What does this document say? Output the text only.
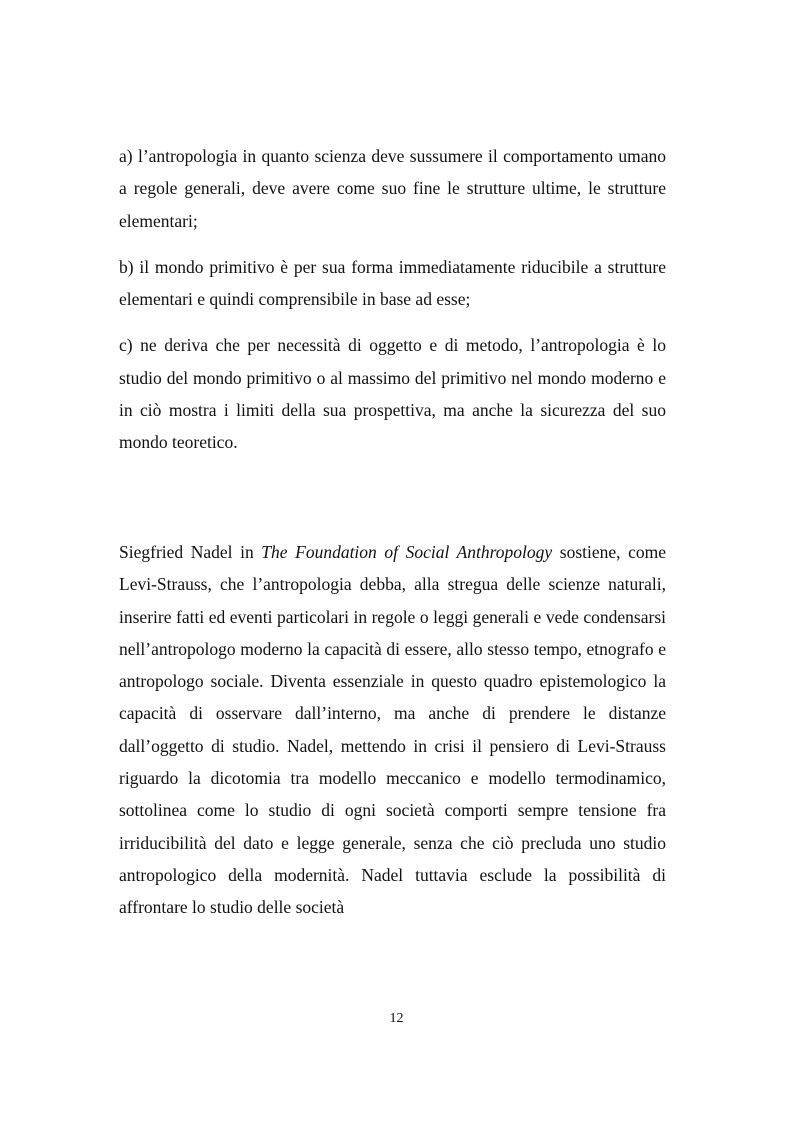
a) l’antropologia in quanto scienza deve sussumere il comportamento umano a regole generali, deve avere come suo fine le strutture ultime, le strutture elementari;

b) il mondo primitivo è per sua forma immediatamente riducibile a strutture elementari e quindi comprensibile in base ad esse;

c) ne deriva che per necessità di oggetto e di metodo, l’antropologia è lo studio del mondo primitivo o al massimo del primitivo nel mondo moderno e in ciò mostra i limiti della sua prospettiva, ma anche la sicurezza del suo mondo teoretico.

Siegfried Nadel in The Foundation of Social Anthropology sostiene, come Levi-Strauss, che l’antropologia debba, alla stregua delle scienze naturali, inserire fatti ed eventi particolari in regole o leggi generali e vede condensarsi nell’antropologo moderno la capacità di essere, allo stesso tempo, etnografo e antropologo sociale. Diventa essenziale in questo quadro epistemologico la capacità di osservare dall’interno, ma anche di prendere le distanze dall’oggetto di studio. Nadel, mettendo in crisi il pensiero di Levi-Strauss riguardo la dicotomia tra modello meccanico e modello termodinamico, sottolinea come lo studio di ogni società comporti sempre tensione fra irriducibilità del dato e legge generale, senza che ciò precluda uno studio antropologico della modernità. Nadel tuttavia esclude la possibilità di affrontare lo studio delle società

12
